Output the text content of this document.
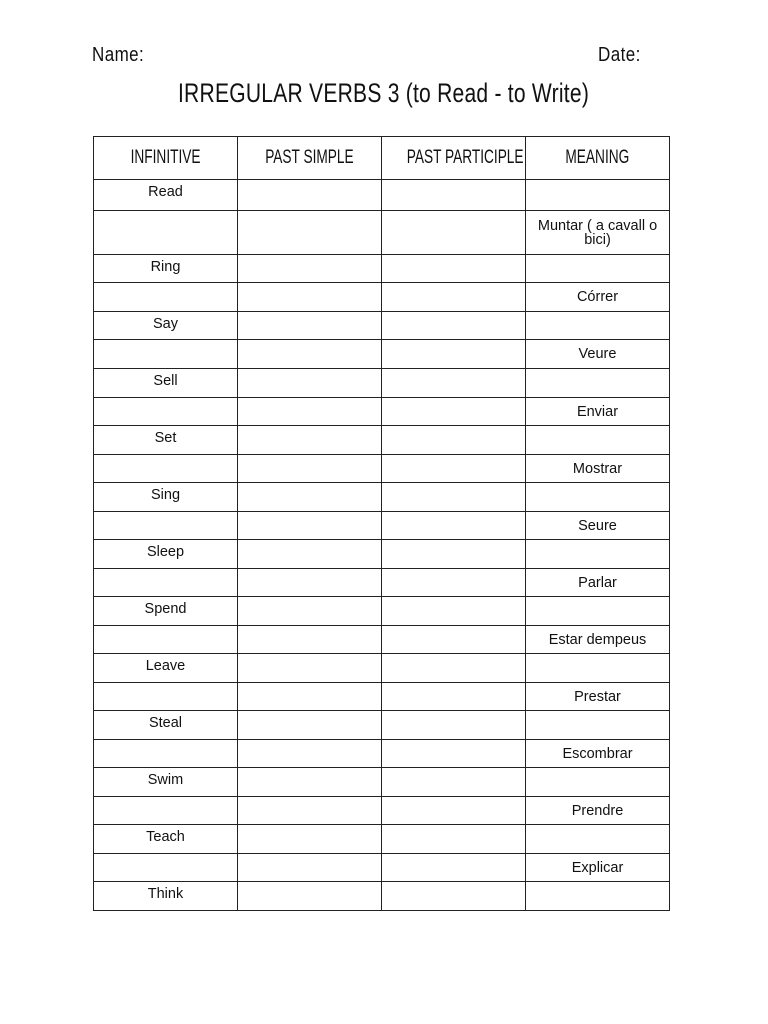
Name:	Date:
IRREGULAR VERBS 3 (to Read - to Write)
INFINITIVE	PAST SIMPLE	PAST PARTICIPLE	MEANING
Read			
			Muntar ( a cavall o bici)
Ring			
			Córrer
Say			
			Veure
Sell			
			Enviar
Set			
			Mostrar
Sing			
			Seure
Sleep			
			Parlar
Spend			
			Estar dempeus
Leave			
			Prestar
Steal			
			Escombrar
Swim			
			Prendre
Teach			
			Explicar
Think			
